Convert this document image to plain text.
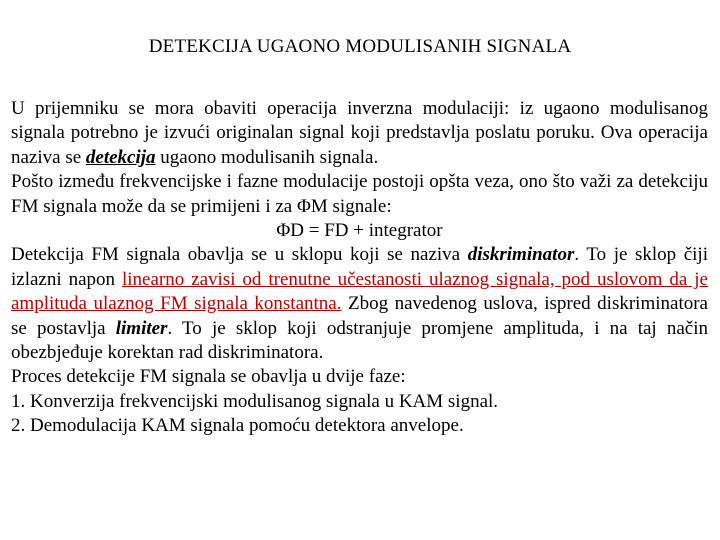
DETEKCIJA UGAONO MODULISANIH SIGNALA

U prijemniku se mora obaviti operacija inverzna modulaciji: iz ugaono modulisanog signala potrebno je izvući originalan signal koji predstavlja poslatu poruku. Ova operacija naziva se detekcija ugaono modulisanih signala.

Pošto između frekvencijske i fazne modulacije postoji opšta veza, ono što važi za detekciju FM signala može da se primijeni i za ΦM signale:

ΦD = FD + integrator

Detekcija FM signala obavlja se u sklopu koji se naziva diskriminator. To je sklop čiji izlazni napon linearno zavisi od trenutne učestanosti ulaznog signala, pod uslovom da je amplituda ulaznog FM signala konstantna. Zbog navedenog uslova, ispred diskriminatora se postavlja limiter. To je sklop koji odstranjuje promjene amplituda, i na taj način obezbjeđuje korektan rad diskriminatora.

Proces detekcije FM signala se obavlja u dvije faze:

1. Konverzija frekvencijski modulisanog signala u KAM signal.

2. Demodulacija KAM signala pomoću detektora anvelope.
